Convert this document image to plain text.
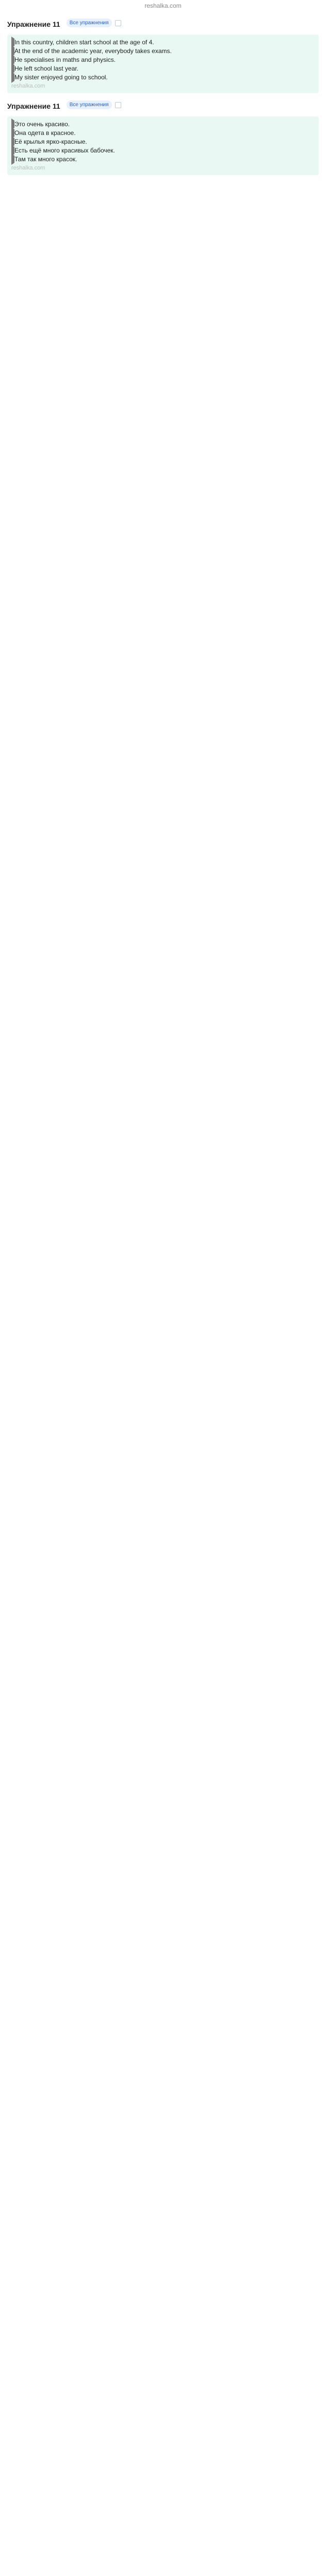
reshalka.com
Упражнение 11	Все упражнения
In this country, children start school at the age of 4.
At the end of the academic year, everybody takes exams.
He specialises in maths and physics.
He left school last year.
My sister enjoyed going to school.
reshalka.com
Упражнение 11	Все упражнения
Это очень красиво.
Она одета в красное.
Её крылья ярко-красные.
Есть ещё много красивых бабочек.
Там так много красок.
reshalka.com
